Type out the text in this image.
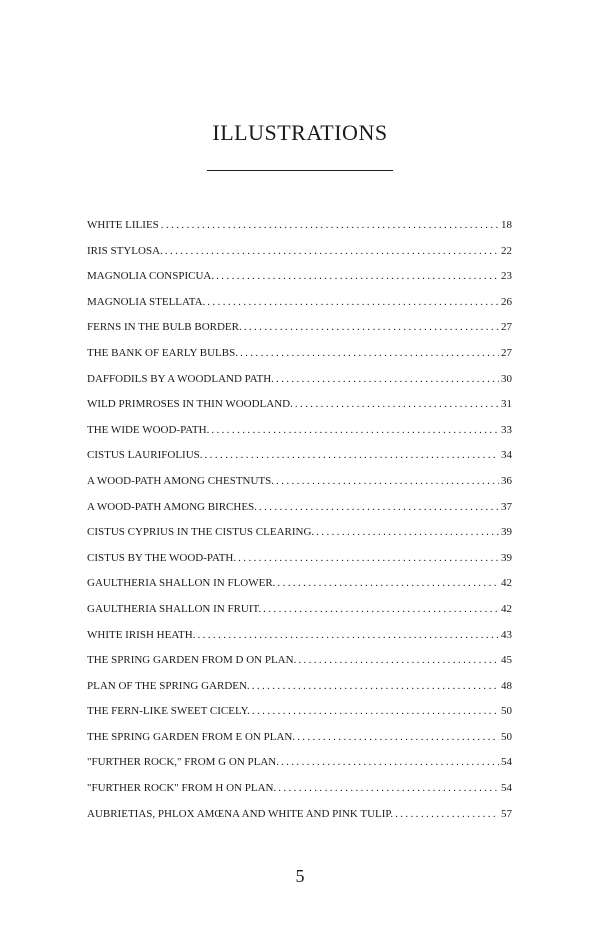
ILLUSTRATIONS
WHITE LILIES .....	18
IRIS STYLOSA. .....	22
MAGNOLIA CONSPICUA. .....	23
MAGNOLIA STELLATA. .....	26
FERNS IN THE BULB BORDER. .....	27
THE BANK OF EARLY BULBS. .....	27
DAFFODILS BY A WOODLAND PATH. .....	30
WILD PRIMROSES IN THIN WOODLAND. .....	31
THE WIDE WOOD-PATH. .....	33
CISTUS LAURIFOLIUS. .....	34
A WOOD-PATH AMONG CHESTNUTS. .....	36
A WOOD-PATH AMONG BIRCHES. .....	37
CISTUS CYPRIUS IN THE CISTUS CLEARING. .....	39
CISTUS BY THE WOOD-PATH. .....	39
GAULTHERIA SHALLON IN FLOWER. .....	42
GAULTHERIA SHALLON IN FRUIT. .....	42
WHITE IRISH HEATH. .....	43
THE SPRING GARDEN FROM D ON PLAN. .....	45
PLAN OF THE SPRING GARDEN. .....	48
THE FERN-LIKE SWEET CICELY. .....	50
THE SPRING GARDEN FROM E ON PLAN. .....	50
"FURTHER ROCK," FROM G ON PLAN. .....	54
"FURTHER ROCK" FROM H ON PLAN. .....	54
AUBRIETIAS, PHLOX AMŒNA AND WHITE AND PINK TULIP. .....	57
5
